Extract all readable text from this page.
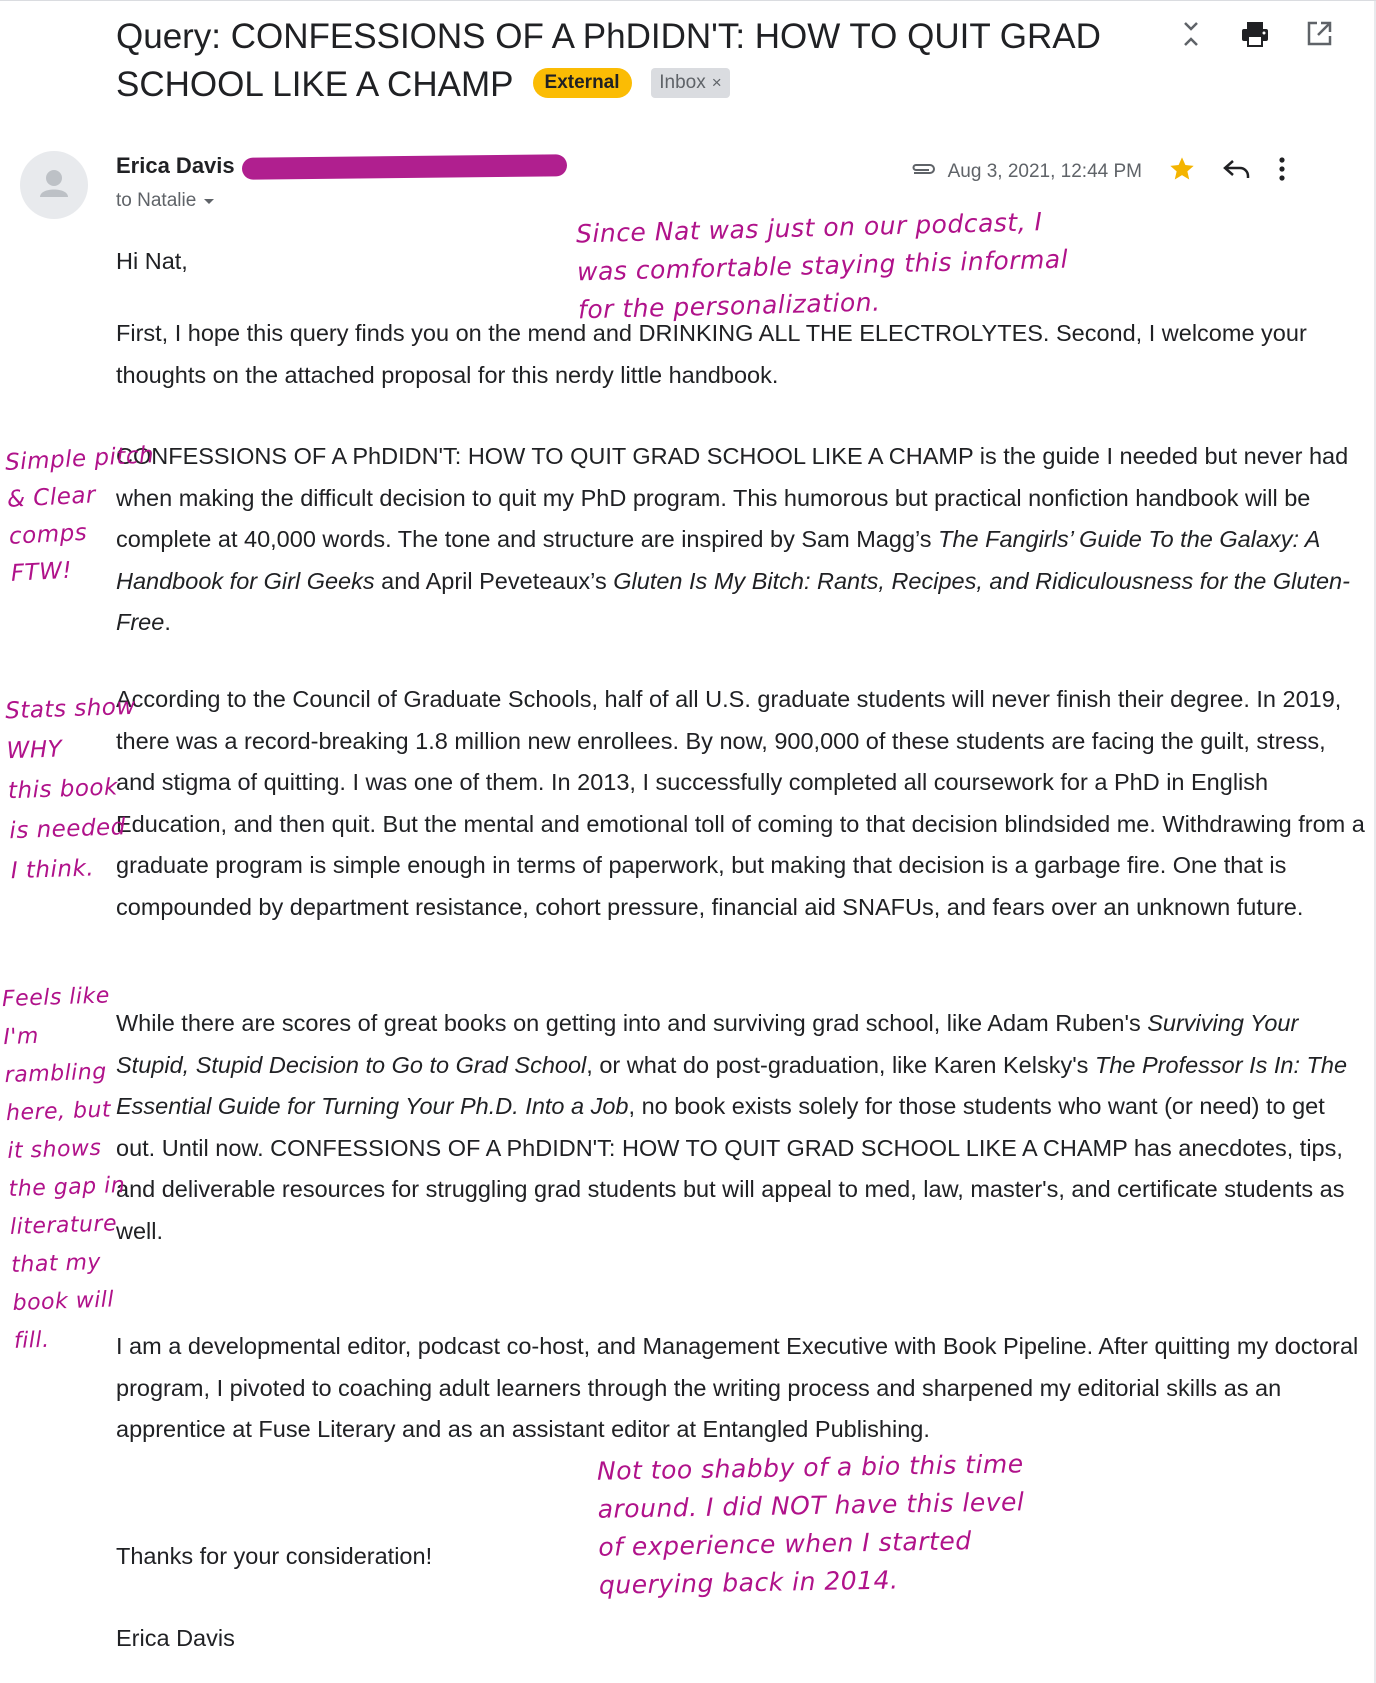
Query: CONFESSIONS OF A PhDIDN'T: HOW TO QUIT GRAD SCHOOL LIKE A CHAMP External Inbox ×
Erica Davis
to Natalie
Aug 3, 2021, 12:44 PM
Hi Nat,
First, I hope this query finds you on the mend and DRINKING ALL THE ELECTROLYTES. Second, I welcome your thoughts on the attached proposal for this nerdy little handbook.
CONFESSIONS OF A PhDIDN'T: HOW TO QUIT GRAD SCHOOL LIKE A CHAMP is the guide I needed but never had when making the difficult decision to quit my PhD program. This humorous but practical nonfiction handbook will be complete at 40,000 words. The tone and structure are inspired by Sam Magg’s The Fangirls’ Guide To the Galaxy: A Handbook for Girl Geeks and April Peveteaux’s Gluten Is My Bitch: Rants, Recipes, and Ridiculousness for the Gluten-Free.
According to the Council of Graduate Schools, half of all U.S. graduate students will never finish their degree. In 2019, there was a record-breaking 1.8 million new enrollees. By now, 900,000 of these students are facing the guilt, stress, and stigma of quitting. I was one of them. In 2013, I successfully completed all coursework for a PhD in English Education, and then quit. But the mental and emotional toll of coming to that decision blindsided me. Withdrawing from a graduate program is simple enough in terms of paperwork, but making that decision is a garbage fire. One that is compounded by department resistance, cohort pressure, financial aid SNAFUs, and fears over an unknown future.
While there are scores of great books on getting into and surviving grad school, like Adam Ruben's Surviving Your Stupid, Stupid Decision to Go to Grad School, or what do post-graduation, like Karen Kelsky's The Professor Is In: The Essential Guide for Turning Your Ph.D. Into a Job, no book exists solely for those students who want (or need) to get out. Until now. CONFESSIONS OF A PhDIDN'T: HOW TO QUIT GRAD SCHOOL LIKE A CHAMP has anecdotes, tips, and deliverable resources for struggling grad students but will appeal to med, law, master's, and certificate students as well.
I am a developmental editor, podcast co-host, and Management Executive with Book Pipeline. After quitting my doctoral program, I pivoted to coaching adult learners through the writing process and sharpened my editorial skills as an apprentice at Fuse Literary and as an assistant editor at Entangled Publishing.
Thanks for your consideration!
Erica Davis
Since Nat was just on our podcast, I
was comfortable staying this informal
for the personalization.
Simple pitch
& Clear
comps
FTW!
Stats show
WHY
this book
is needed
I think.
Feels like
I'm
rambling
here, but
it shows
the gap in
literature
that my
book will
fill.
Not too shabby of a bio this time
around. I did NOT have this level
of experience when I started
querying back in 2014.
